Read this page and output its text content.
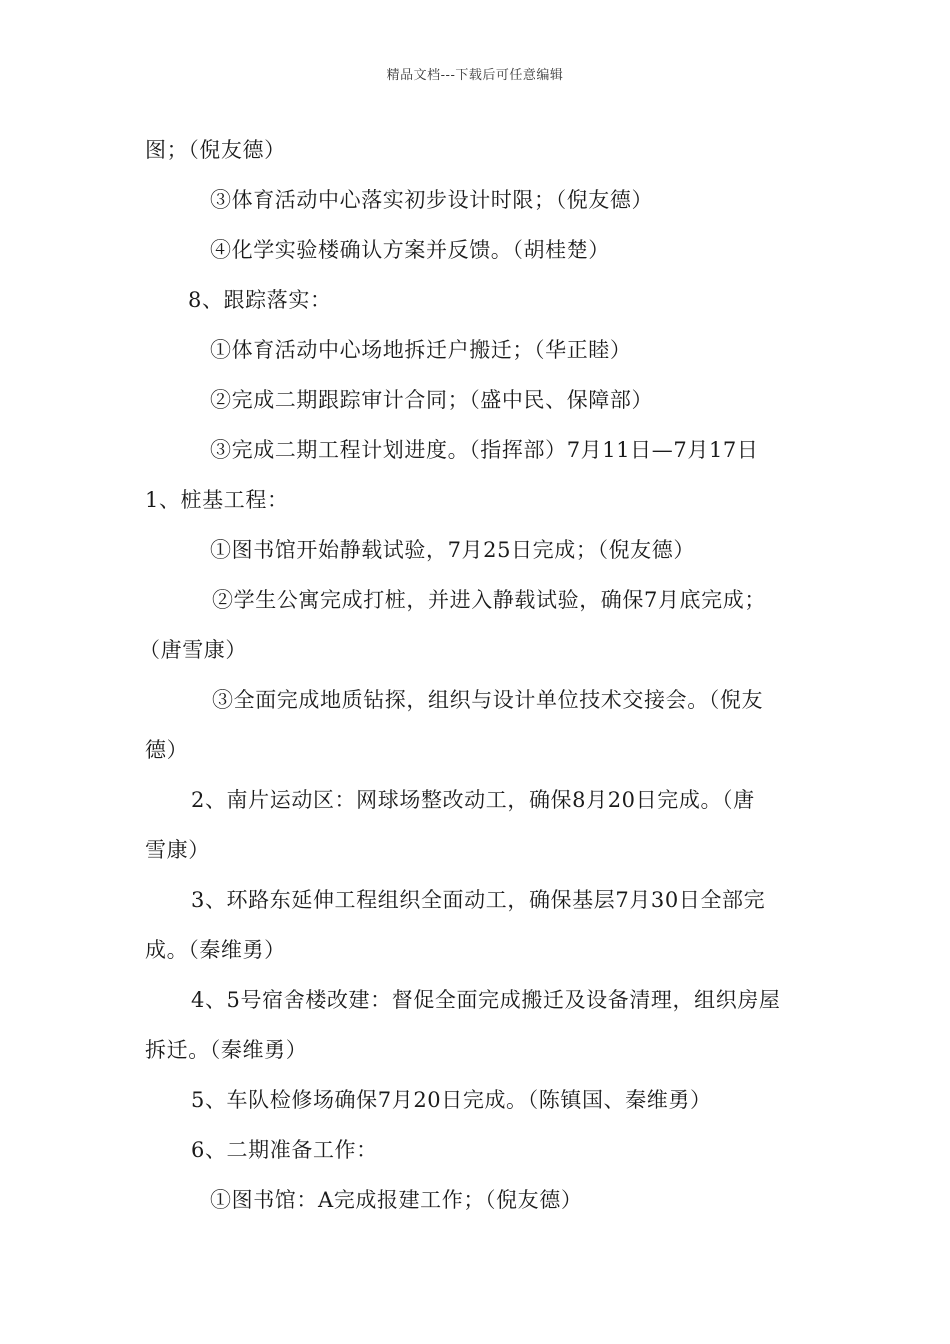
精品文档---下载后可任意编辑
图；（倪友德）
③体育活动中心落实初步设计时限；（倪友德）
④化学实验楼确认方案并反馈。（胡桂楚）
8、跟踪落实：
①体育活动中心场地拆迁户搬迁；（华正睦）
②完成二期跟踪审计合同；（盛中民、保障部）
③完成二期工程计划进度。（指挥部）7月11日—7月17日
1、桩基工程：
①图书馆开始静载试验，7月25日完成；（倪友德）
②学生公寓完成打桩，并进入静载试验，确保7月底完成；
（唐雪康）
③全面完成地质钻探，组织与设计单位技术交接会。（倪友
德）
2、南片运动区：网球场整改动工，确保8月20日完成。（唐
雪康）
3、环路东延伸工程组织全面动工，确保基层7月30日全部完
成。（秦维勇）
4、5号宿舍楼改建：督促全面完成搬迁及设备清理，组织房屋
拆迁。（秦维勇）
5、车队检修场确保7月20日完成。（陈镇国、秦维勇）
6、二期准备工作：
①图书馆：A完成报建工作；（倪友德）
